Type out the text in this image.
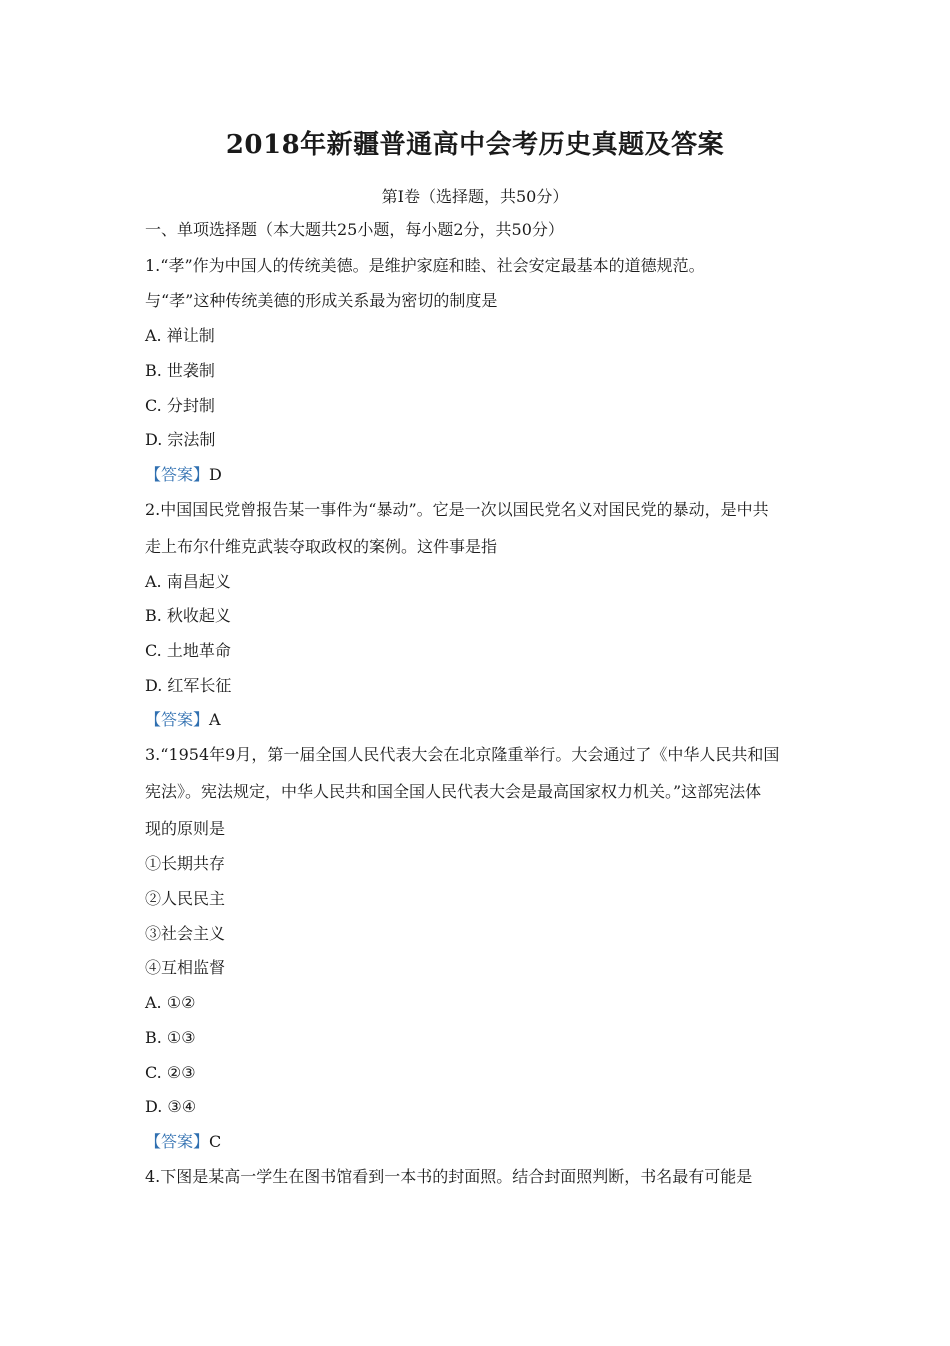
2018年新疆普通高中会考历史真题及答案
第Ⅰ卷（选择题，共50分）
一、单项选择题（本大题共25小题，每小题2分，共50分）
1.“孝”作为中国人的传统美德。是维护家庭和睦、社会安定最基本的道德规范。
与“孝”这种传统美德的形成关系最为密切的制度是
A. 禅让制
B. 世袭制
C. 分封制
D. 宗法制
【答案】D
2.中国国民党曾报告某一事件为“暴动”。它是一次以国民党名义对国民党的暴动，是中共
走上布尔什维克武装夺取政权的案例。这件事是指
A. 南昌起义
B. 秋收起义
C. 土地革命
D. 红军长征
【答案】A
3.“1954年9月，第一届全国人民代表大会在北京隆重举行。大会通过了《中华人民共和国
宪法》。宪法规定，中华人民共和国全国人民代表大会是最高国家权力机关。”这部宪法体
现的原则是
①长期共存
②人民民主
③社会主义
④互相监督
A. ①②
B. ①③
C. ②③
D. ③④
【答案】C
4.下图是某高一学生在图书馆看到一本书的封面照。结合封面照判断，书名最有可能是
